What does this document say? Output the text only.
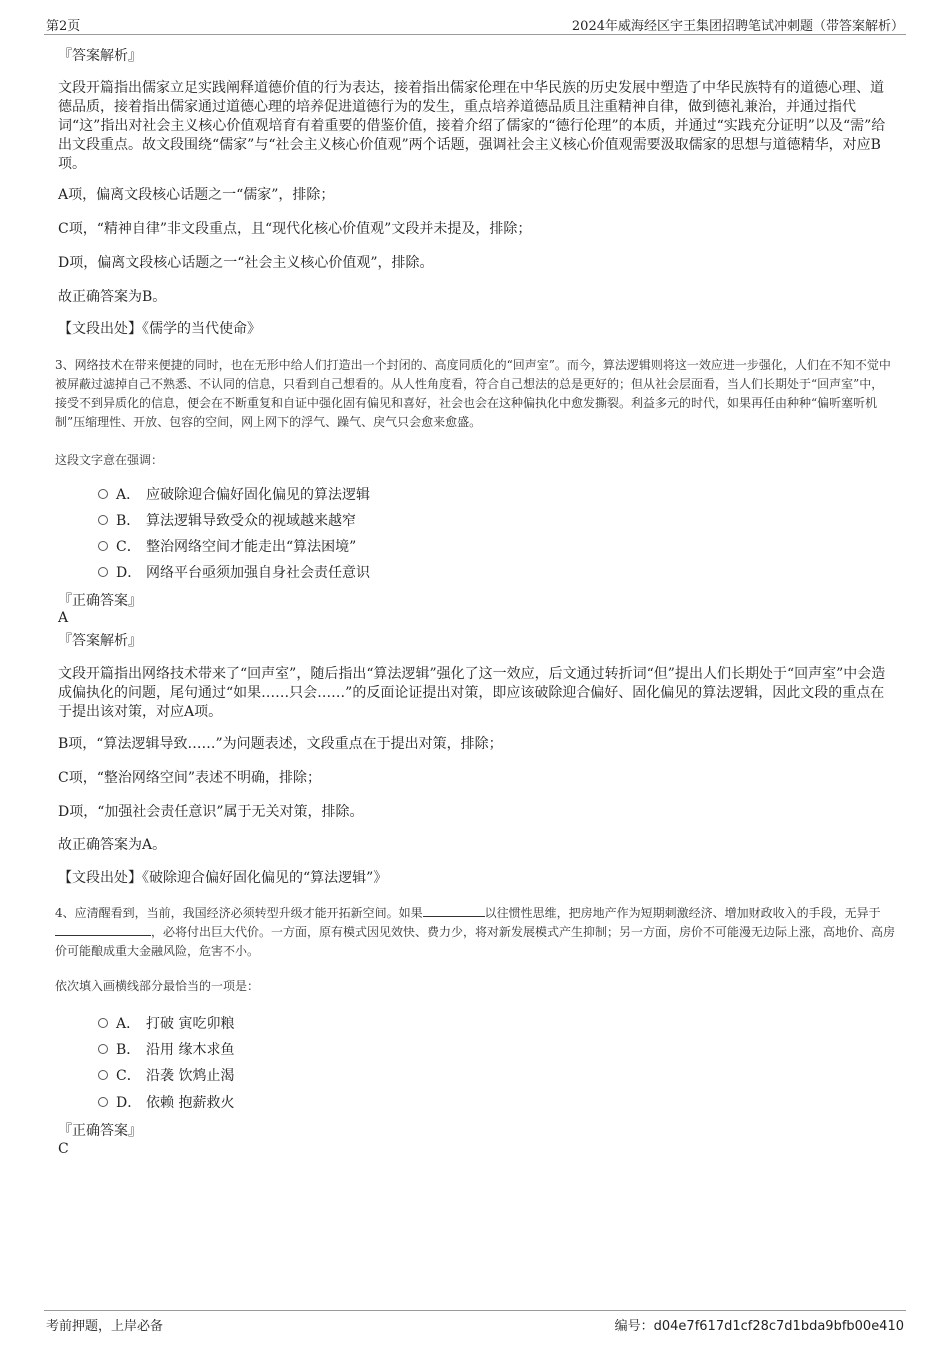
第2页	2024年威海经区宇王集团招聘笔试冲刺题（带答案解析）
『答案解析』
文段开篇指出儒家立足实践阐释道德价值的行为表达，接着指出儒家伦理在中华民族的历史发展中塑造了中华民族特有的道德心理、道德品质，接着指出儒家通过道德心理的培养促进道德行为的发生，重点培养道德品质且注重精神自律，做到德礼兼治，并通过指代词“这”指出对社会主义核心价值观培育有着重要的借鉴价值，接着介绍了儒家的“德行伦理”的本质，并通过“实践充分证明”以及“需”给出文段重点。故文段围绕“儒家”与“社会主义核心价值观”两个话题，强调社会主义核心价值观需要汲取儒家的思想与道德精华，对应B项。
A项，偏离文段核心话题之一“儒家”，排除；
C项，“精神自律”非文段重点，且“现代化核心价值观”文段并未提及，排除；
D项，偏离文段核心话题之一“社会主义核心价值观”，排除。
故正确答案为B。
【文段出处】《儒学的当代使命》
3、网络技术在带来便捷的同时，也在无形中给人们打造出一个封闭的、高度同质化的“回声室”。而今，算法逻辑则将这一效应进一步强化，人们在不知不觉中被屏蔽过滤掉自己不熟悉、不认同的信息，只看到自己想看的。从人性角度看，符合自己想法的总是更好的；但从社会层面看，当人们长期处于“回声室”中，接受不到异质化的信息，便会在不断重复和自证中强化固有偏见和喜好，社会也会在这种偏执化中愈发撕裂。利益多元的时代，如果再任由种种“偏听塞听机制”压缩理性、开放、包容的空间，网上网下的浮气、躁气、戾气只会愈来愈盛。
这段文字意在强调：
A． 应破除迎合偏好固化偏见的算法逻辑
B． 算法逻辑导致受众的视域越来越窄
C． 整治网络空间才能走出“算法困境”
D． 网络平台亟须加强自身社会责任意识
『正确答案』
A
『答案解析』
文段开篇指出网络技术带来了“回声室”，随后指出“算法逻辑”强化了这一效应，后文通过转折词“但”提出人们长期处于“回声室”中会造成偏执化的问题，尾句通过“如果……只会……”的反面论证提出对策，即应该破除迎合偏好、固化偏见的算法逻辑，因此文段的重点在于提出该对策，对应A项。
B项，“算法逻辑导致……”为问题表述，文段重点在于提出对策，排除；
C项，“整治网络空间”表述不明确，排除；
D项，“加强社会责任意识”属于无关对策，排除。
故正确答案为A。
【文段出处】《破除迎合偏好固化偏见的“算法逻辑”》
4、应清醒看到，当前，我国经济必须转型升级才能开拓新空间。如果	以往惯性思维，把房地产作为短期刺激经济、增加财政收入的手段，无异于，必将付出巨大代价。一方面，原有模式因见效快、费力少，将对新发展模式产生抑制；另一方面，房价不可能漫无边际上涨，高地价、高房价可能酿成重大金融风险，危害不小。
依次填入画横线部分最恰当的一项是：
A． 打破 寅吃卯粮
B． 沿用 缘木求鱼
C． 沿袭 饮鸩止渴
D． 依赖 抱薪救火
『正确答案』
C
考前押题，上岸必备	编号：d04e7f617d1cf28c7d1bda9bfb00e410
